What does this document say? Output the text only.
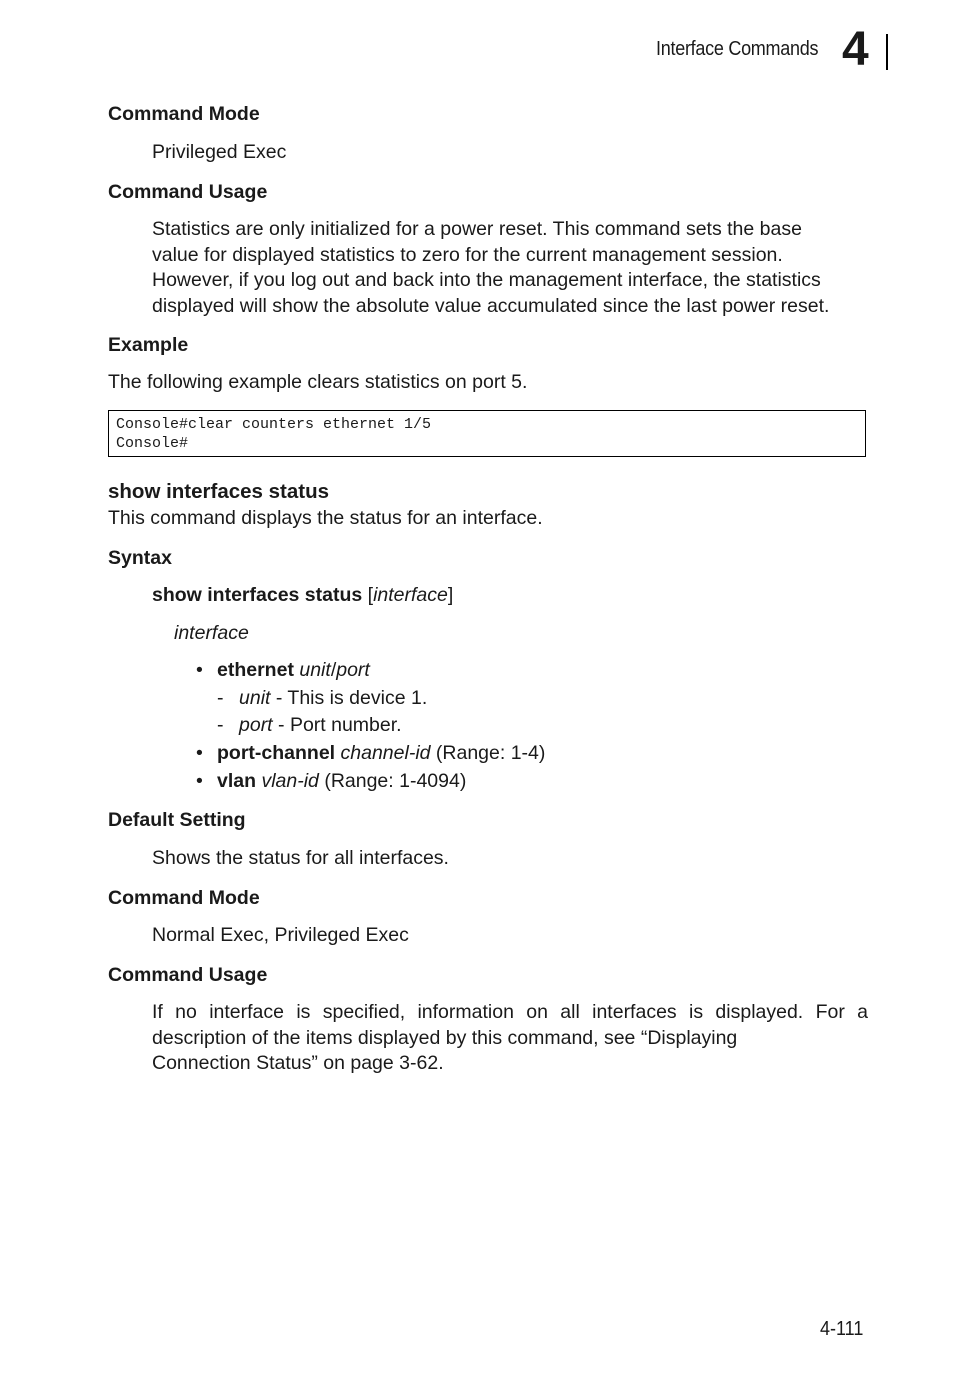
Interface Commands 4
Command Mode
Privileged Exec
Command Usage
Statistics are only initialized for a power reset. This command sets the base
value for displayed statistics to zero for the current management session.
However, if you log out and back into the management interface, the statistics
displayed will show the absolute value accumulated since the last power reset.
Example
The following example clears statistics on port 5.
Console#clear counters ethernet 1/5
Console#
show interfaces status
This command displays the status for an interface.
Syntax
show interfaces status [interface]
interface
• ethernet unit/port
- unit - This is device 1.
- port - Port number.
• port-channel channel-id (Range: 1-4)
• vlan vlan-id (Range: 1-4094)
Default Setting
Shows the status for all interfaces.
Command Mode
Normal Exec, Privileged Exec
Command Usage
If no interface is specified, information on all interfaces is displayed. For a
description of the items displayed by this command, see “Displaying
Connection Status” on page 3-62.
4-111
